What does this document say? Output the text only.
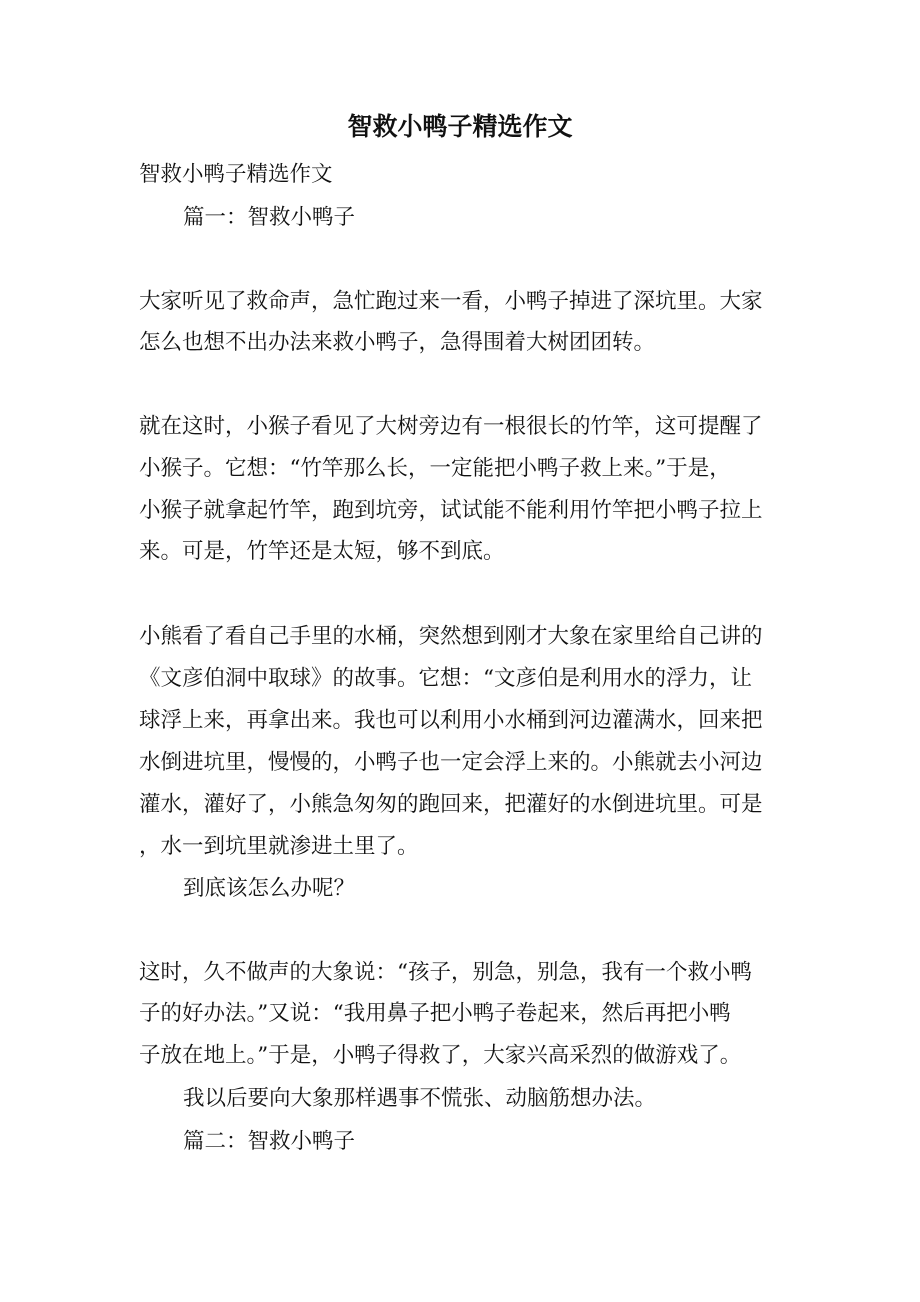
智救小鸭子精选作文

智救小鸭子精选作文

篇一：智救小鸭子

大家听见了救命声，急忙跑过来一看，小鸭子掉进了深坑里。大家

怎么也想不出办法来救小鸭子，急得围着大树团团转。

就在这时，小猴子看见了大树旁边有一根很长的竹竿，这可提醒了

小猴子。它想：“竹竿那么长，一定能把小鸭子救上来。”于是，

小猴子就拿起竹竿，跑到坑旁，试试能不能利用竹竿把小鸭子拉上

来。可是，竹竿还是太短，够不到底。

小熊看了看自己手里的水桶，突然想到刚才大象在家里给自己讲的

《文彦伯洞中取球》的故事。它想：“文彦伯是利用水的浮力，让

球浮上来，再拿出来。我也可以利用小水桶到河边灌满水，回来把

水倒进坑里，慢慢的，小鸭子也一定会浮上来的。小熊就去小河边

灌水，灌好了，小熊急匆匆的跑回来，把灌好的水倒进坑里。可是

，水一到坑里就渗进土里了。

到底该怎么办呢？

这时，久不做声的大象说：“孩子，别急，别急，我有一个救小鸭

子的好办法。”又说：“我用鼻子把小鸭子卷起来，然后再把小鸭

子放在地上。”于是，小鸭子得救了，大家兴高采烈的做游戏了。

我以后要向大象那样遇事不慌张、动脑筋想办法。

篇二：智救小鸭子
